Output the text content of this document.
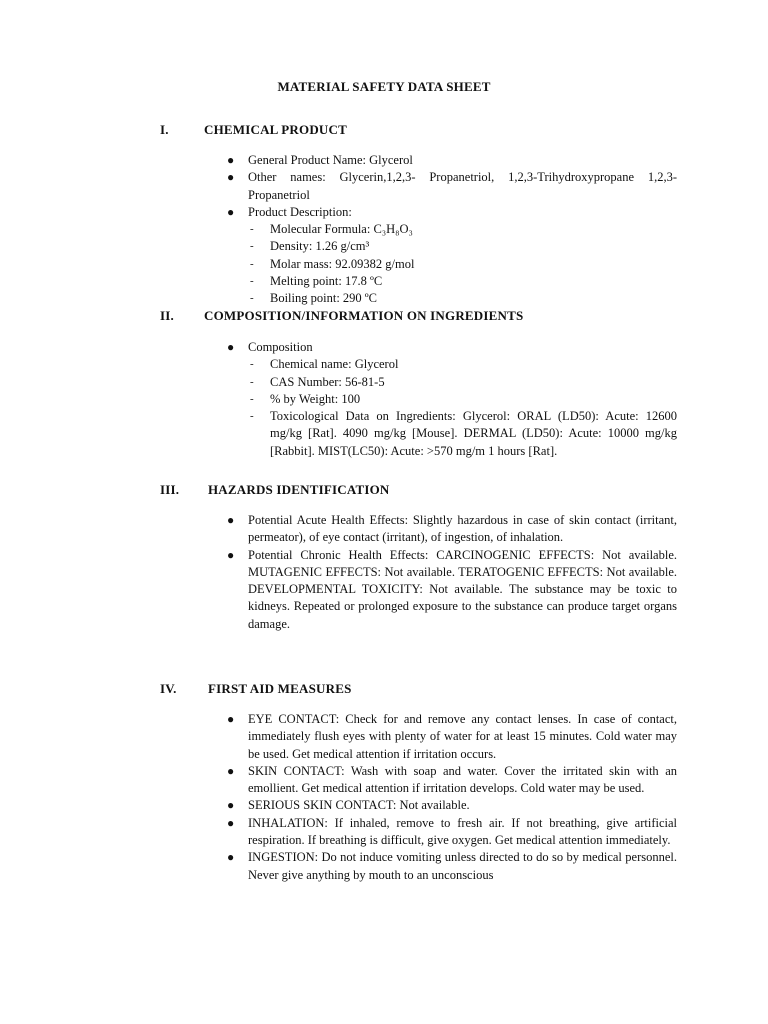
MATERIAL SAFETY DATA SHEET
I.	CHEMICAL PRODUCT
● General Product Name: Glycerol
● Other names: Glycerin,1,2,3- Propanetriol, 1,2,3-Trihydroxypropane 1,2,3-Propanetriol
● Product Description:
- Molecular Formula: C₃H₈O₃
- Density: 1.26 g/cm³
- Molar mass: 92.09382 g/mol
- Melting point: 17.8 ºC
- Boiling point: 290 ºC
II. COMPOSITION/INFORMATION ON INGREDIENTS
● Composition
- Chemical name: Glycerol
- CAS Number: 56-81-5
- % by Weight: 100
- Toxicological Data on Ingredients: Glycerol: ORAL (LD50): Acute: 12600 mg/kg [Rat]. 4090 mg/kg [Mouse]. DERMAL (LD50): Acute: 10000 mg/kg [Rabbit]. MIST(LC50): Acute: >570 mg/m 1 hours [Rat].
III. HAZARDS IDENTIFICATION
● Potential Acute Health Effects: Slightly hazardous in case of skin contact (irritant, permeator), of eye contact (irritant), of ingestion, of inhalation.
● Potential Chronic Health Effects: CARCINOGENIC EFFECTS: Not available. MUTAGENIC EFFECTS: Not available. TERATOGENIC EFFECTS: Not available. DEVELOPMENTAL TOXICITY: Not available. The substance may be toxic to kidneys. Repeated or prolonged exposure to the substance can produce target organs damage.
IV. FIRST AID MEASURES
● EYE CONTACT: Check for and remove any contact lenses. In case of contact, immediately flush eyes with plenty of water for at least 15 minutes. Cold water may be used. Get medical attention if irritation occurs.
● SKIN CONTACT: Wash with soap and water. Cover the irritated skin with an emollient. Get medical attention if irritation develops. Cold water may be used.
● SERIOUS SKIN CONTACT: Not available.
● INHALATION: If inhaled, remove to fresh air. If not breathing, give artificial respiration. If breathing is difficult, give oxygen. Get medical attention immediately.
● INGESTION: Do not induce vomiting unless directed to do so by medical personnel. Never give anything by mouth to an unconscious
